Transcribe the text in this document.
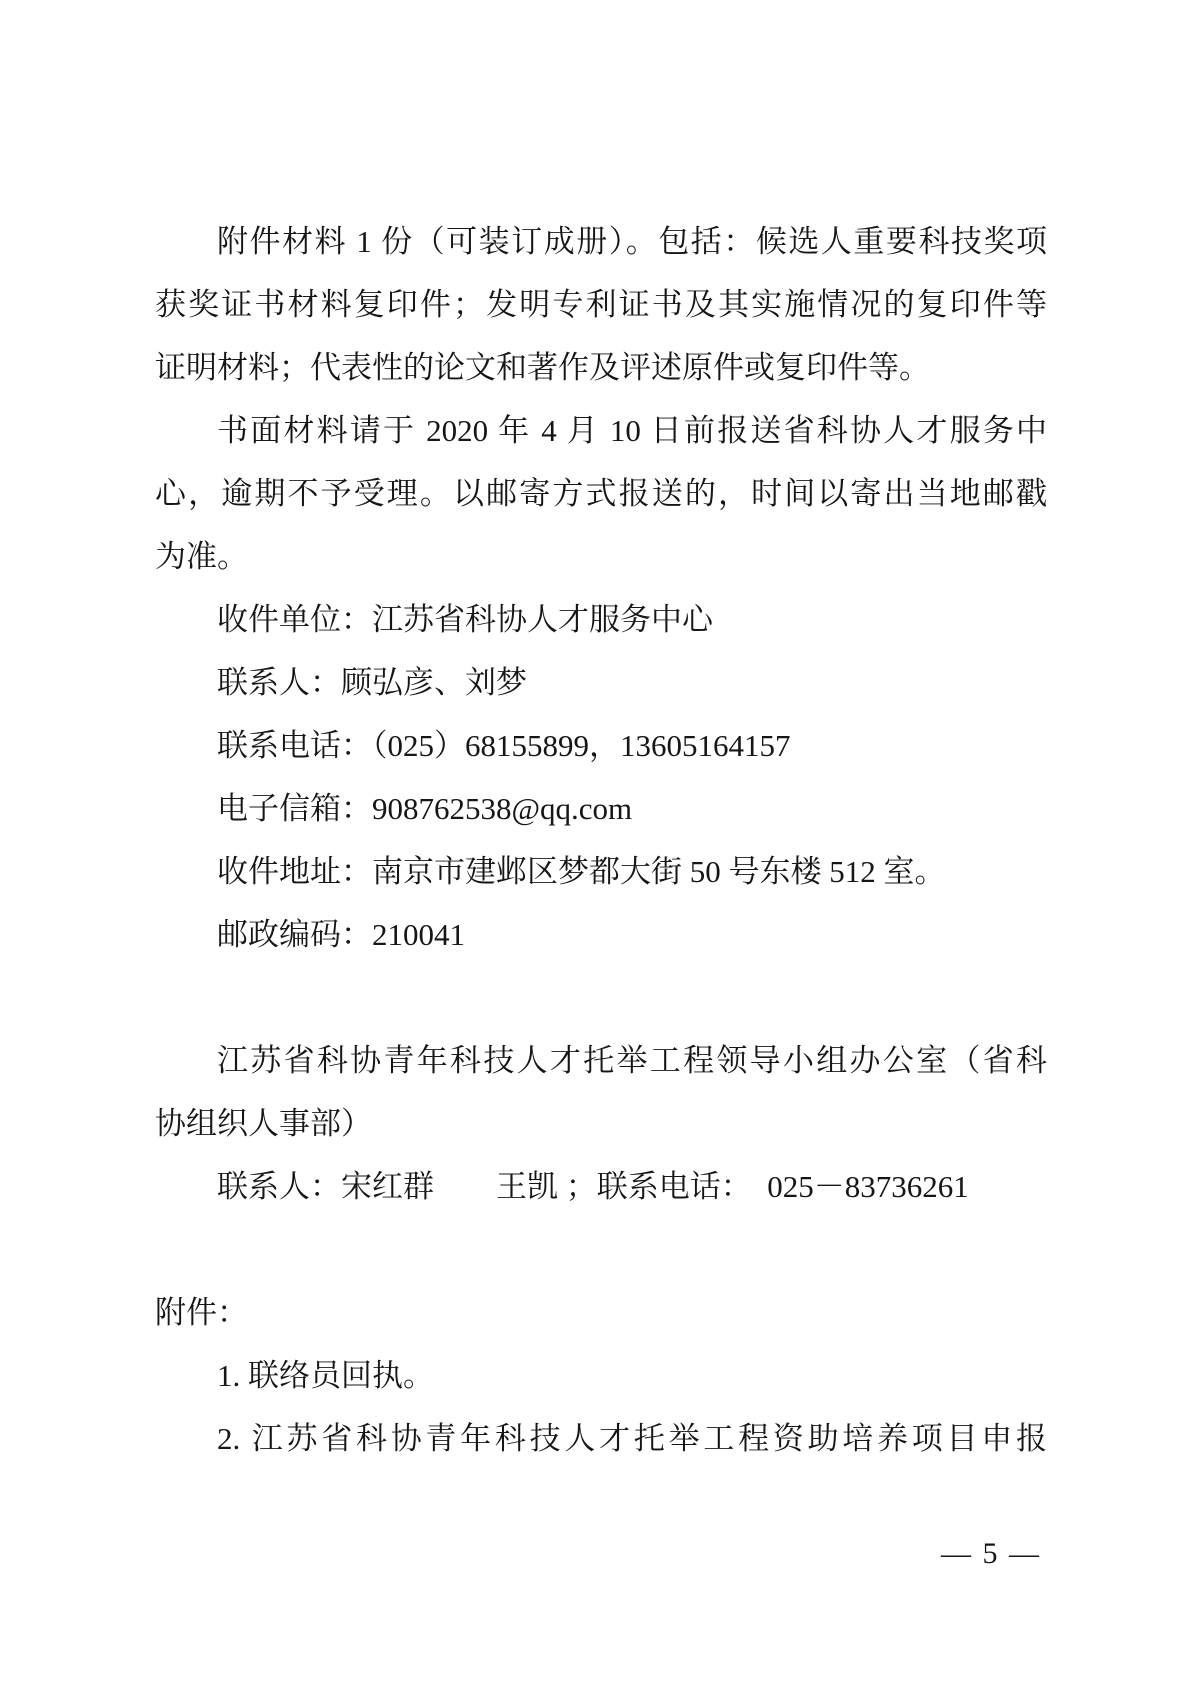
附件材料 1 份（可装订成册）。包括：候选人重要科技奖项
获奖证书材料复印件；发明专利证书及其实施情况的复印件等
证明材料；代表性的论文和著作及评述原件或复印件等。
书面材料请于 2020 年 4 月 10 日前报送省科协人才服务中
心，逾期不予受理。以邮寄方式报送的，时间以寄出当地邮戳
为准。
收件单位：江苏省科协人才服务中心
联系人：顾弘彦、刘梦
联系电话：（025）68155899，13605164157
电子信箱：908762538@qq.com
收件地址：南京市建邺区梦都大街 50 号东楼 512 室。
邮政编码：210041
江苏省科协青年科技人才托举工程领导小组办公室（省科
协组织人事部）
联系人：宋红群　　王凯 ；联系电话：　025－83736261
附件：
1. 联络员回执。
2. 江苏省科协青年科技人才托举工程资助培养项目申报
— 5 —
